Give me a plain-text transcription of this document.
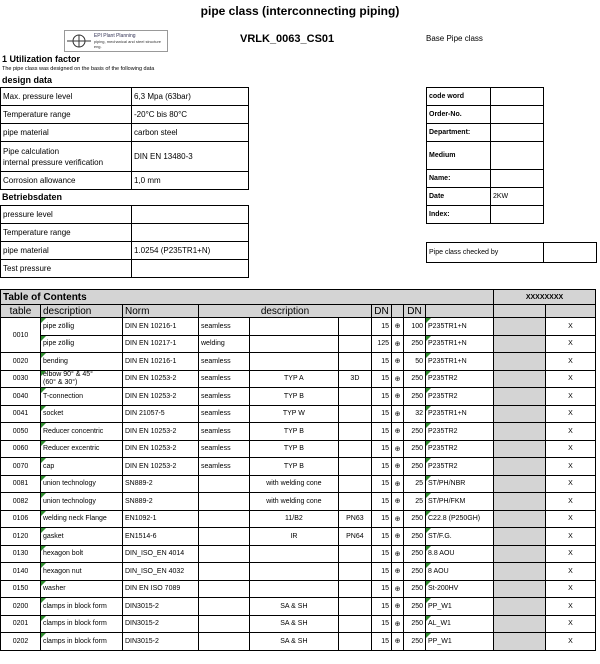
pipe class (interconnecting piping)
EPI Plant Planning
piping, mechanical and steel structure eng.
VRLK_0063_CS01	Base Pipe class
1 Utilization factor
The pipe class was designed on the basis of the following data
design data
Max. pressure level	6,3 Mpa (63bar)
Temperature range	-20°C bis 80°C
pipe material	carbon steel
Pipe calculation
internal pressure verification	DIN EN 13480-3
Corrosion allowance	1,0 mm
Betriebsdaten
pressure level	
Temperature range	
pipe material	1.0254 (P235TR1+N)
Test pressure	
code word	
Order-No.	
Department:	
Medium	
Name:	
Date	2KW
Index:	
Pipe class checked by	
Table of Contents										XXXXXXXX	
table	description	Norm	description			DN		DN			
0010	pipe zöllig	DIN EN 10216-1	seamless			15	⊕	100	P235TR1+N		X
	pipe zöllig	DIN EN 10217-1	welding			125	⊕	250	P235TR1+N		X
0020	bending	DIN EN 10216-1	seamless			15	⊕	50	P235TR1+N		X
0030	elbow 90° & 45°
(60° & 30°)	DIN EN 10253-2	seamless	TYP A	3D	15	⊕	250	P235TR2		X
0040	T-connection	DIN EN 10253-2	seamless	TYP B		15	⊕	250	P235TR2		X
0041	socket	DIN 21057-5	seamless	TYP W		15	⊕	32	P235TR1+N		X
0050	Reducer concentric	DIN EN 10253-2	seamless	TYP B		15	⊕	250	P235TR2		X
0060	Reducer excentric	DIN EN 10253-2	seamless	TYP B		15	⊕	250	P235TR2		X
0070	cap	DIN EN 10253-2	seamless	TYP B		15	⊕	250	P235TR2		X
0081	union technology	SN889-2		with welding cone		15	⊕	25	ST/PH/NBR		X
0082	union technology	SN889-2		with welding cone		15	⊕	25	ST/PH/FKM		X
0106	welding neck Flange	EN1092-1		11/B2	PN63	15	⊕	250	C22.8 (P250GH)		X
0120	gasket	EN1514-6		IR	PN64	15	⊕	250	ST/F.G.		X
0130	hexagon bolt	DIN_ISO_EN 4014				15	⊕	250	8.8 AOU		X
0140	hexagon nut	DIN_ISO_EN 4032				15	⊕	250	8 AOU		X
0150	washer	DIN EN ISO 7089				15	⊕	250	St-200HV		X
0200	clamps in block form	DIN3015-2		SA & SH		15	⊕	250	PP_W1		X
0201	clamps in block form	DIN3015-2		SA & SH		15	⊕	250	AL_W1		X
0202	clamps in block form	DIN3015-2		SA & SH		15	⊕	250	PP_W1		X
